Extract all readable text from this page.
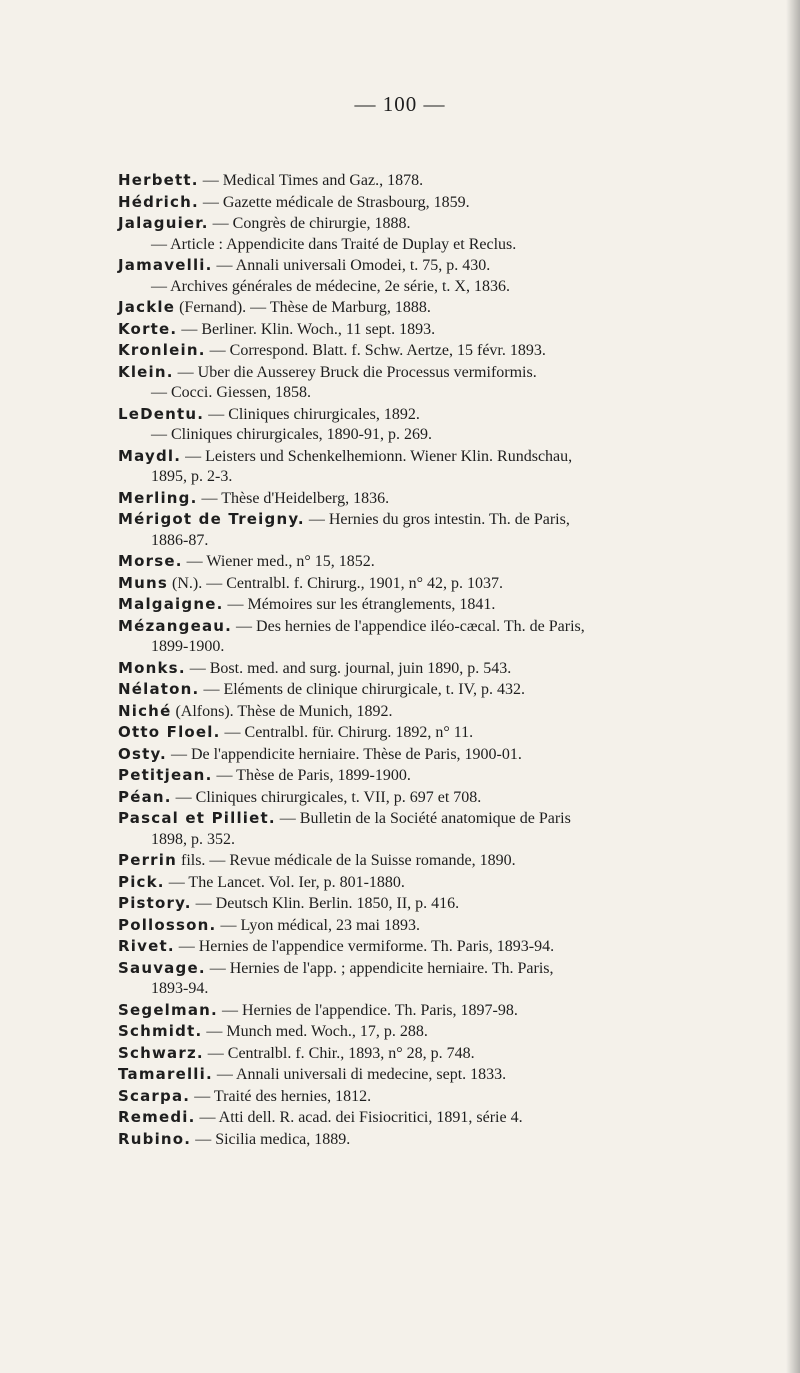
— 100 —

Herbett. — Medical Times and Gaz., 1878.

Hédrich. — Gazette médicale de Strasbourg, 1859.

Jalaguier. — Congrès de chirurgie, 1888.

— Article : Appendicite dans Traité de Duplay et Reclus.

Jamavelli. — Annali universali Omodei, t. 75, p. 430.

— Archives générales de médecine, 2e série, t. X, 1836.

Jackle (Fernand). — Thèse de Marburg, 1888.

Korte. — Berliner. Klin. Woch., 11 sept. 1893.

Kronlein. — Correspond. Blatt. f. Schw. Aertze, 15 févr. 1893.

Klein. — Uber die Ausserey Bruck die Processus vermiformis.

— Cocci. Giessen, 1858.

LeDentu. — Cliniques chirurgicales, 1892.

— Cliniques chirurgicales, 1890-91, p. 269.

Maydl. — Leisters und Schenkelhemionn. Wiener Klin. Rundschau,
1895, p. 2-3.

Merling. — Thèse d'Heidelberg, 1836.

Mérigot de Treigny. — Hernies du gros intestin. Th. de Paris,
1886-87.

Morse. — Wiener med., n° 15, 1852.

Muns (N.). — Centralbl. f. Chirurg., 1901, n° 42, p. 1037.

Malgaigne. — Mémoires sur les étranglements, 1841.

Mézangeau. — Des hernies de l'appendice iléo-cæcal. Th. de Paris,
1899-1900.

Monks. — Bost. med. and surg. journal, juin 1890, p. 543.

Nélaton. — Eléments de clinique chirurgicale, t. IV, p. 432.

Niché (Alfons). Thèse de Munich, 1892.

Otto Floel. — Centralbl. für. Chirurg. 1892, n° 11.

Osty. — De l'appendicite herniaire. Thèse de Paris, 1900-01.

Petitjean. — Thèse de Paris, 1899-1900.

Péan. — Cliniques chirurgicales, t. VII, p. 697 et 708.

Pascal et Pilliet. — Bulletin de la Société anatomique de Paris
1898, p. 352.

Perrin fils. — Revue médicale de la Suisse romande, 1890.

Pick. — The Lancet. Vol. Ier, p. 801-1880.

Pistory. — Deutsch Klin. Berlin. 1850, II, p. 416.

Pollosson. — Lyon médical, 23 mai 1893.

Rivet. — Hernies de l'appendice vermiforme. Th. Paris, 1893-94.

Sauvage. — Hernies de l'app. ; appendicite herniaire. Th. Paris,
1893-94.

Segelman. — Hernies de l'appendice. Th. Paris, 1897-98.

Schmidt. — Munch med. Woch., 17, p. 288.

Schwarz. — Centralbl. f. Chir., 1893, n° 28, p. 748.

Tamarelli. — Annali universali di medecine, sept. 1833.

Scarpa. — Traité des hernies, 1812.

Remedi. — Atti dell. R. acad. dei Fisiocritici, 1891, série 4.

Rubino. — Sicilia medica, 1889.
